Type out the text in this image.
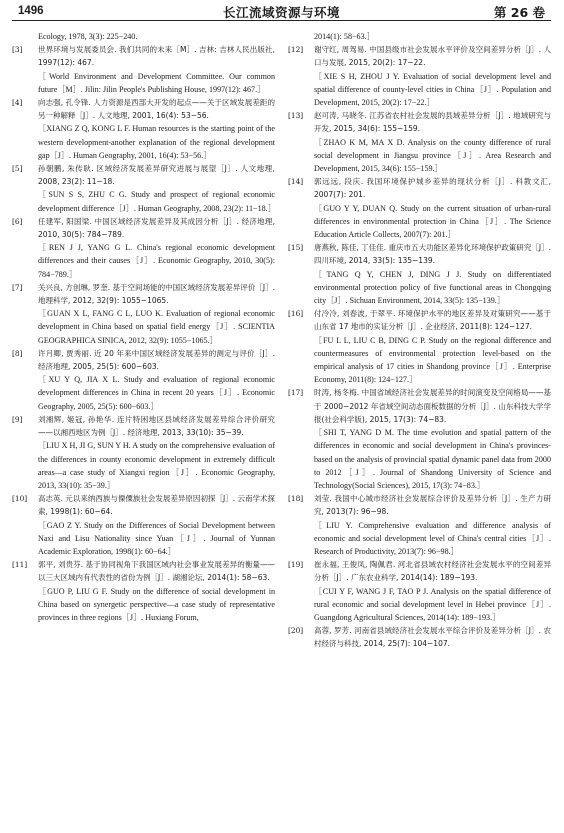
1496	长江流域资源与环境	第 26 卷

Ecology, 1978, 3(3): 225−240.

[3]	世界环境与发展委员会. 我们共同的未来［M］. 吉林: 吉林人民出版社, 1997(12): 467.

［World Environment and Development Committee. Our common future［M］. Jilin: Jilin People's Publishing House, 1997(12): 467.］

[4]	向志强, 孔令锋. 人力资源是西部大开发的起点——关于区域发展差距的另一种解释［J］. 人文地理, 2001, 16(4): 53−56.

［XIANG Z Q, KONG L F. Human resources is the starting point of the western development-another explanation of the regional development gap［J］. Human Geography, 2001, 16(4): 53−56.］

[5]	孙朝鹏, 朱传耿. 区域经济发展差异研究进展与展望［J］. 人文地理, 2008, 23(2): 11−18.

［SUN S S, ZHU C G. Study and prospect of regional economic development difference［J］. Human Geography, 2008, 23(2): 11−18.］

[6]	任建军, 阳国梁. 中国区域经济发展差异及其成因分析［J］. 经济地理, 2010, 30(5): 784−789.

［REN J J, YANG G L. China's regional economic development differences and their causes［J］. Economic Geography, 2010, 30(5): 784−789.］

[7]	关兴良, 方创琳, 罗奎. 基于空间场能的中国区域经济发展差异评价［J］. 地理科学, 2012, 32(9): 1055−1065.

［GUAN X L, FANG C L, LUO K. Evaluation of regional economic development in China based on spatial field energy［J］. SCIENTIA GEOGRAPHICA SINICA, 2012, 32(9): 1055−1065.］

[8]	许月卿, 贾秀丽. 近 20 年来中国区域经济发展差异的测定与评价［J］. 经济地理, 2005, 25(5): 600−603.

［XU Y Q, JIA X L. Study and evaluation of regional economic development differences in China in recent 20 years［J］. Economic Geography, 2005, 25(5): 600−603.］

[9]	刘湘辉, 姬冠, 孙艳华. 连片特困地区县域经济发展差异综合评价研究——以湘西地区为例［J］. 经济地理, 2013, 33(10): 35−39.

［LIU X H, JI G, SUN Y H. A study on the comprehensive evaluation of the differences in county economic development in extremely difficult areas—a case study of Xiangxi region［J］. Economic Geography, 2013, 33(10): 35−39.］

[10]	高志英. 元以来纳西族与傈僳族社会发展差异原因初探［J］. 云南学术探索, 1998(1): 60−64.

［GAO Z Y. Study on the Differences of Social Development between Naxi and Lisu Nationality since Yuan［J］. Journal of Yunnan Academic Exploration, 1998(1): 60−64.］

[11]	郭平, 刘贵芬. 基于协同视角下我国区域内社会事业发展差异的衡量——以三大区域内有代表性的省份为例［J］. 湖湘论坛, 2014(1): 58−63.

［GUO P, LIU G F. Study on the difference of social development in China based on synergetic perspective—a case study of representative provinces in three regions［J］. Huxiang Forum,

2014(1): 58−63.］

[12]	谢守红, 周驾易. 中国县级市社会发展水平评价及空间差异分析［J］. 人口与发展, 2015, 20(2): 17−22.

［XIE S H, ZHOU J Y. Evaluation of social development level and spatial difference of county-level cities in China［J］. Population and Development, 2015, 20(2): 17−22.］

[13]	赵可涛, 马晓冬. 江苏省农村社会发展的县域差异分析［J］. 地域研究与开发, 2015, 34(6): 155−159.

［ZHAO K M, MA X D. Analysis on the county difference of rural social development in Jiangsu province［J］. Area Research and Development, 2015, 34(6): 155−159.］

[14]	郭远远, 段庆. 我国环境保护城乡差异的现状分析［J］. 科教文汇, 2007(7): 201.

［GUO Y Y, DUAN Q. Study on the current situation of urban-rural differences in environmental protection in China［J］. The Science Education Article Collects, 2007(7): 201.］

[15]	唐燕秋, 陈佳, 丁佳佳. 重庆市五大功能区差异化环境保护政策研究［J］. 四川环境, 2014, 33(5): 135−139.

［TANG Q Y, CHEN J, DING J J. Study on differentiated environmental protection policy of five functional areas in Chongqing city［J］. Sichuan Environment, 2014, 33(5): 135−139.］

[16]	付冷冷, 刘春波, 于翠平. 环境保护水平的地区差异及对策研究——基于山东省 17 地市的实证分析［J］. 企业经济, 2011(8): 124−127.

［FU L L, LIU C B, DING C P. Study on the regional difference and countermeasures of environmental protection level-based on the empirical analysis of 17 cities in Shandong province［J］. Enterprise Economy, 2011(8): 124−127.］

[17]	时涛, 杨冬梅. 中国省域经济社会发展差异的时间演变及空间格局——基于 2000−2012 年省域空间动态面板数据的分析［J］. 山东科技大学学报(社会科学版), 2015, 17(3): 74−83.

［SHI T, YANG D M. The time evolution and spatial pattern of the differences in economic and social development in China's provinces-based on the analysis of provincial spatial dynamic panel data from 2000 to 2012［J］. Journal of Shandong University of Science and Technology(Social Sciences), 2015, 17(3): 74−83.］

[18]	刘莹. 我国中心城市经济社会发展综合评价及差异分析［J］. 生产力研究, 2013(7): 96−98.

［LIU Y. Comprehensive evaluation and difference analysis of economic and social development level of China's central cities［J］. Research of Productivity, 2013(7): 96−98.］

[19]	崔永福, 王俊凤, 陶佩君. 河北省县域农村经济社会发展水平的空间差异分析［J］. 广东农业科学, 2014(14): 189−193.

［CUI Y F, WANG J F, TAO P J. Analysis on the spatial difference of rural economic and social development level in Hebei province［J］. Guangdong Agricultural Sciences, 2014(14): 189−193.］

[20]	高蓉, 罗芳. 河南省县域经济社会发展水平综合评价及差异分析［J］. 农村经济与科技, 2014, 25(7): 104−107.
